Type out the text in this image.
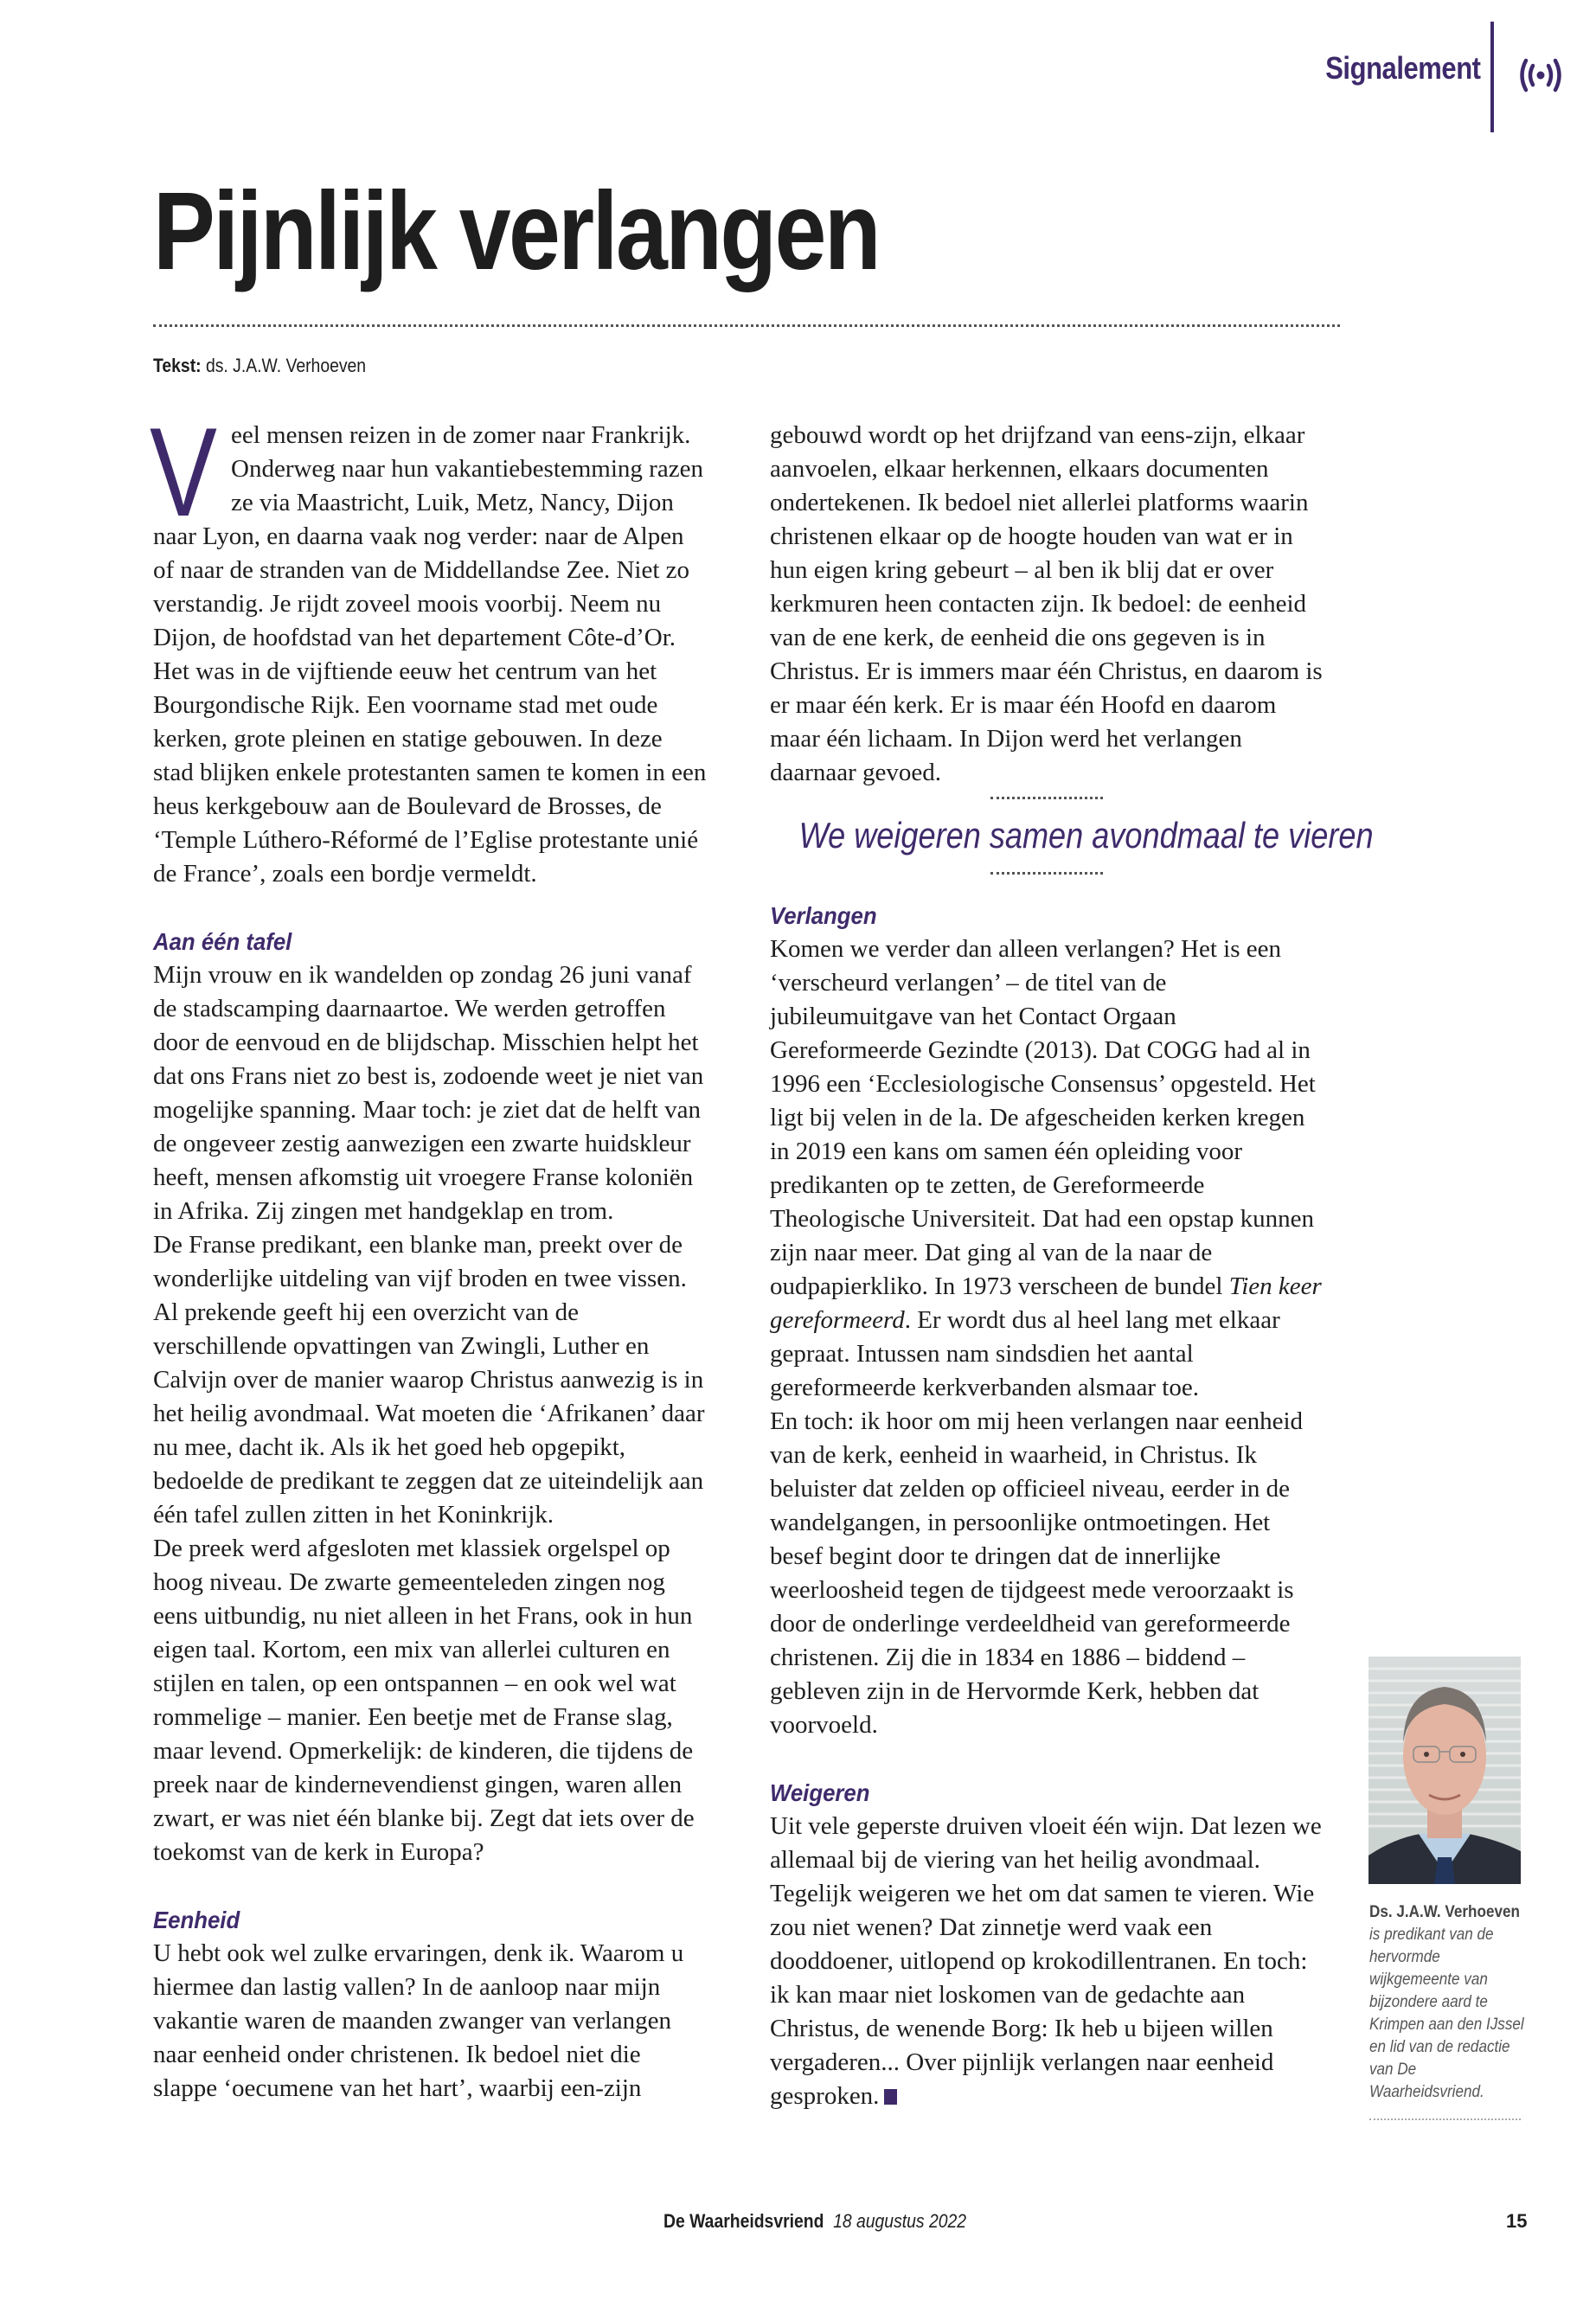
Signalement
Pijnlijk verlangen
Tekst: ds. J.A.W. Verhoeven

Veel mensen reizen in de zomer naar Frankrijk. Onderweg naar hun vakantiebestemming razen ze via Maastricht, Luik, Metz, Nancy, Dijon naar Lyon, en daarna vaak nog verder: naar de Alpen of naar de stranden van de Middellandse Zee. Niet zo verstandig. Je rijdt zoveel moois voorbij. Neem nu Dijon, de hoofdstad van het departement Côte-d’Or. Het was in de vijftiende eeuw het centrum van het Bourgondische Rijk. Een voorname stad met oude kerken, grote pleinen en statige gebouwen. In deze stad blijken enkele protestanten samen te komen in een heus kerkgebouw aan de Boulevard de Brosses, de ‘Temple Lúthero-Réformé de l’Eglise protestante unié de France’, zoals een bordje vermeldt.

Aan één tafel

Mijn vrouw en ik wandelden op zondag 26 juni vanaf de stadscamping daarnaartoe. We werden getroffen door de eenvoud en de blijdschap. Misschien helpt het dat ons Frans niet zo best is, zodoende weet je niet van mogelijke spanning. Maar toch: je ziet dat de helft van de ongeveer zestig aanwezigen een zwarte huidskleur heeft, mensen afkomstig uit vroegere Franse koloniën in Afrika. Zij zingen met handgeklap en trom.

De Franse predikant, een blanke man, preekt over de wonderlijke uitdeling van vijf broden en twee vissen. Al prekende geeft hij een overzicht van de verschillende opvattingen van Zwingli, Luther en Calvijn over de manier waarop Christus aanwezig is in het heilig avondmaal. Wat moeten die ‘Afrikanen’ daar nu mee, dacht ik. Als ik het goed heb opgepikt, bedoelde de predikant te zeggen dat ze uiteindelijk aan één tafel zullen zitten in het Koninkrijk.

De preek werd afgesloten met klassiek orgelspel op hoog niveau. De zwarte gemeenteleden zingen nog eens uitbundig, nu niet alleen in het Frans, ook in hun eigen taal. Kortom, een mix van allerlei culturen en stijlen en talen, op een ontspannen – en ook wel wat rommelige – manier. Een beetje met de Franse slag, maar levend. Opmerkelijk: de kinderen, die tijdens de preek naar de kindernevendienst gingen, waren allen zwart, er was niet één blanke bij. Zegt dat iets over de toekomst van de kerk in Europa?

Eenheid

U hebt ook wel zulke ervaringen, denk ik. Waarom u hiermee dan lastig vallen? In de aanloop naar mijn vakantie waren de maanden zwanger van verlangen naar eenheid onder christenen. Ik bedoel niet die slappe ‘oecumene van het hart’, waarbij een-zijn

gebouwd wordt op het drijfzand van eens-zijn, elkaar aanvoelen, elkaar herkennen, elkaars documenten ondertekenen. Ik bedoel niet allerlei platforms waarin christenen elkaar op de hoogte houden van wat er in hun eigen kring gebeurt – al ben ik blij dat er over kerkmuren heen contacten zijn. Ik bedoel: de eenheid van de ene kerk, de eenheid die ons gegeven is in Christus. Er is immers maar één Christus, en daarom is er maar één kerk. Er is maar één Hoofd en daarom maar één lichaam. In Dijon werd het verlangen daarnaar gevoed.

We weigeren samen avondmaal te vieren
Verlangen

Komen we verder dan alleen verlangen? Het is een ‘verscheurd verlangen’ – de titel van de jubileumuitgave van het Contact Orgaan Gereformeerde Gezindte (2013). Dat COGG had al in 1996 een ‘Ecclesiologische Consensus’ opgesteld. Het ligt bij velen in de la. De afgescheiden kerken kregen in 2019 een kans om samen één opleiding voor predikanten op te zetten, de Gereformeerde Theologische Universiteit. Dat had een opstap kunnen zijn naar meer. Dat ging al van de la naar de oudpapierkliko. In 1973 verscheen de bundel Tien keer gereformeerd. Er wordt dus al heel lang met elkaar gepraat. Intussen nam sindsdien het aantal gereformeerde kerkverbanden alsmaar toe.

En toch: ik hoor om mij heen verlangen naar eenheid van de kerk, eenheid in waarheid, in Christus. Ik beluister dat zelden op officieel niveau, eerder in de wandelgangen, in persoonlijke ontmoetingen. Het besef begint door te dringen dat de innerlijke weerloosheid tegen de tijdgeest mede veroorzaakt is door de onderlinge verdeeldheid van gereformeerde christenen. Zij die in 1834 en 1886 – biddend – gebleven zijn in de Hervormde Kerk, hebben dat voorvoeld.

Weigeren

Uit vele geperste druiven vloeit één wijn. Dat lezen we allemaal bij de viering van het heilig avondmaal. Tegelijk weigeren we het om dat samen te vieren. Wie zou niet wenen? Dat zinnetje werd vaak een dooddoener, uitlopend op krokodillentranen. En toch: ik kan maar niet loskomen van de gedachte aan Christus, de wenende Borg: Ik heb u bijeen willen vergaderen... Over pijnlijk verlangen naar eenheid gesproken.

Ds. J.A.W. Verhoeven
is predikant van de hervormde wijkgemeente van bijzondere aard te Krimpen aan den IJssel en lid van de redactie van De Waarheidsvriend.
De Waarheidsvriend 18 augustus 2022	15
